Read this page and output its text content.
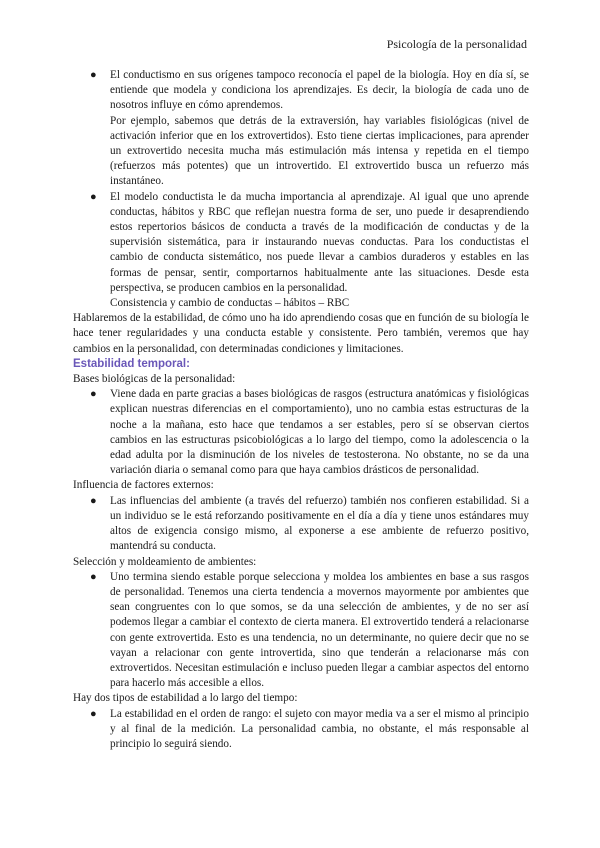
Psicología de la personalidad
● El conductismo en sus orígenes tampoco reconocía el papel de la biología. Hoy en día sí, se entiende que modela y condiciona los aprendizajes. Es decir, la biología de cada uno de nosotros influye en cómo aprendemos.

Por ejemplo, sabemos que detrás de la extraversión, hay variables fisiológicas (nivel de activación inferior que en los extrovertidos). Esto tiene ciertas implicaciones, para aprender un extrovertido necesita mucha más estimulación más intensa y repetida en el tiempo (refuerzos más potentes) que un introvertido. El extrovertido busca un refuerzo más instantáneo.

● El modelo conductista le da mucha importancia al aprendizaje. Al igual que uno aprende conductas, hábitos y RBC que reflejan nuestra forma de ser, uno puede ir desaprendiendo estos repertorios básicos de conducta a través de la modificación de conductas y de la supervisión sistemática, para ir instaurando nuevas conductas. Para los conductistas el cambio de conducta sistemático, nos puede llevar a cambios duraderos y estables en las formas de pensar, sentir, comportarnos habitualmente ante las situaciones. Desde esta perspectiva, se producen cambios en la personalidad.

Consistencia y cambio de conductas – hábitos – RBC

Hablaremos de la estabilidad, de cómo uno ha ido aprendiendo cosas que en función de su biología le hace tener regularidades y una conducta estable y consistente. Pero también, veremos que hay cambios en la personalidad, con determinadas condiciones y limitaciones.

Estabilidad temporal:

Bases biológicas de la personalidad:

● Viene dada en parte gracias a bases biológicas de rasgos (estructura anatómicas y fisiológicas explican nuestras diferencias en el comportamiento), uno no cambia estas estructuras de la noche a la mañana, esto hace que tendamos a ser estables, pero sí se observan ciertos cambios en las estructuras psicobiológicas a lo largo del tiempo, como la adolescencia o la edad adulta por la disminución de los niveles de testosterona. No obstante, no se da una variación diaria o semanal como para que haya cambios drásticos de personalidad.

Influencia de factores externos:

● Las influencias del ambiente (a través del refuerzo) también nos confieren estabilidad. Si a un individuo se le está reforzando positivamente en el día a día y tiene unos estándares muy altos de exigencia consigo mismo, al exponerse a ese ambiente de refuerzo positivo, mantendrá su conducta.

Selección y moldeamiento de ambientes:

● Uno termina siendo estable porque selecciona y moldea los ambientes en base a sus rasgos de personalidad. Tenemos una cierta tendencia a movernos mayormente por ambientes que sean congruentes con lo que somos, se da una selección de ambientes, y de no ser así podemos llegar a cambiar el contexto de cierta manera. El extrovertido tenderá a relacionarse con gente extrovertida. Esto es una tendencia, no un determinante, no quiere decir que no se vayan a relacionar con gente introvertida, sino que tenderán a relacionarse más con extrovertidos. Necesitan estimulación e incluso pueden llegar a cambiar aspectos del entorno para hacerlo más accesible a ellos.

Hay dos tipos de estabilidad a lo largo del tiempo:

● La estabilidad en el orden de rango: el sujeto con mayor media va a ser el mismo al principio y al final de la medición. La personalidad cambia, no obstante, el más responsable al principio lo seguirá siendo.
